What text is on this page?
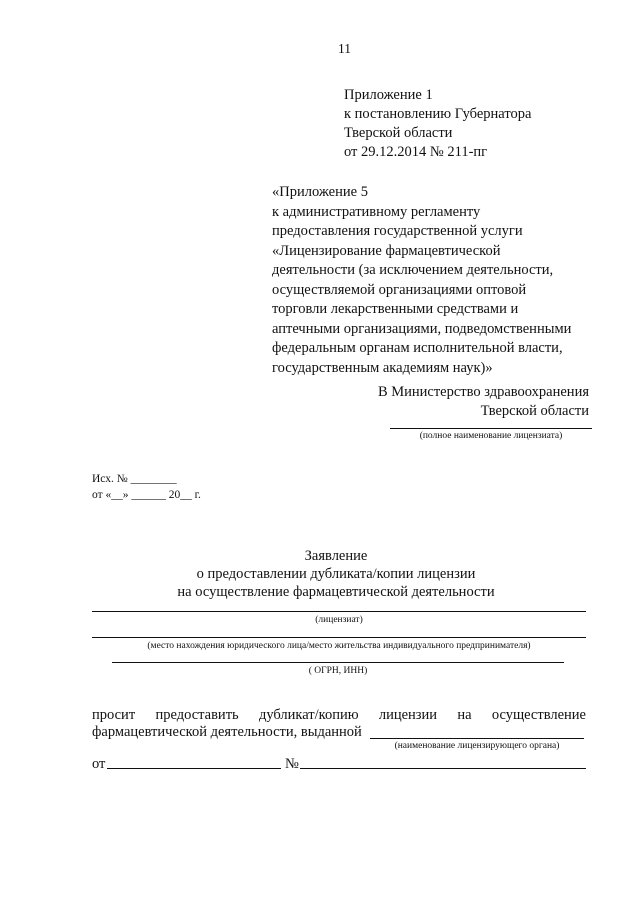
11
Приложение 1
к постановлению Губернатора
Тверской области
от 29.12.2014 № 211-пг
«Приложение 5
к административному регламенту
предоставления государственной услуги
«Лицензирование фармацевтической
деятельности (за исключением деятельности,
осуществляемой организациями оптовой
торговли лекарственными средствами и
аптечными организациями, подведомственными
федеральным органам исполнительной власти,
государственным академиям наук)»
В Министерство здравоохранения
Тверской области
(полное наименование лицензиата)
Исх. № ________
от «__» ______ 20__ г.
Заявление
о предоставлении дубликата/копии лицензии
на осуществление фармацевтической деятельности
(лицензиат)
(место нахождения юридического лица/место жительства индивидуального предпринимателя)
( ОГРН, ИНН)
просит предоставить дубликат/копию лицензии на осуществление
фармацевтической деятельности, выданной
(наименование лицензирующего органа)
от	№
